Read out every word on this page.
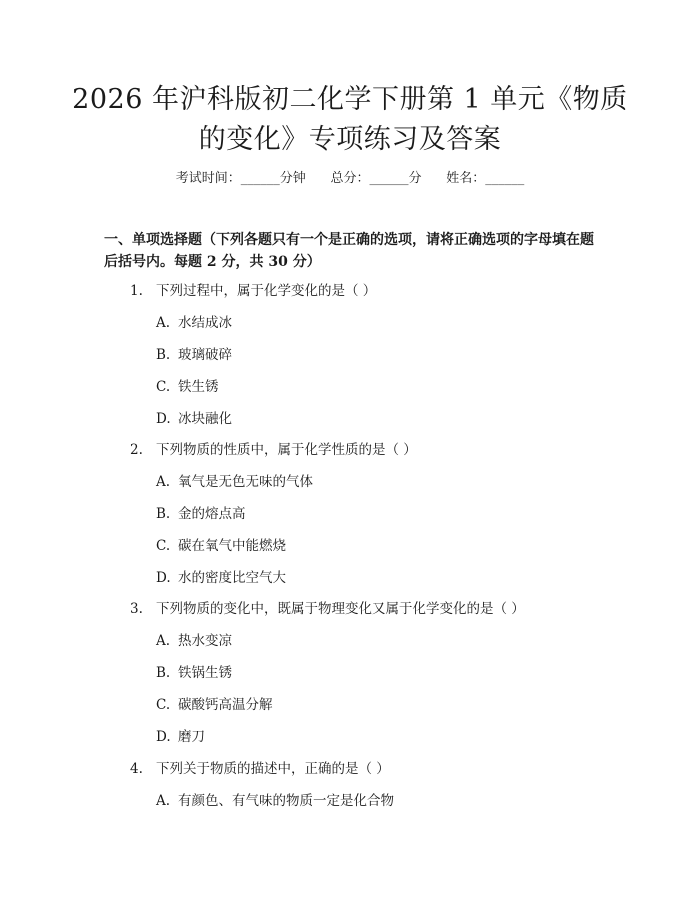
2026 年沪科版初二化学下册第 1 单元《物质
的变化》专项练习及答案
考试时间：______分钟      总分：______分      姓名：______
一、单项选择题（下列各题只有一个是正确的选项，请将正确选项的字母填在题后括号内。每题 2 分，共 30 分）
1. 下列过程中，属于化学变化的是（ ）
A. 水结成冰
B. 玻璃破碎
C. 铁生锈
D. 冰块融化
2. 下列物质的性质中，属于化学性质的是（ ）
A. 氧气是无色无味的气体
B. 金的熔点高
C. 碳在氧气中能燃烧
D. 水的密度比空气大
3. 下列物质的变化中，既属于物理变化又属于化学变化的是（ ）
A. 热水变凉
B. 铁锅生锈
C. 碳酸钙高温分解
D. 磨刀
4. 下列关于物质的描述中，正确的是（ ）
A. 有颜色、有气味的物质一定是化合物
